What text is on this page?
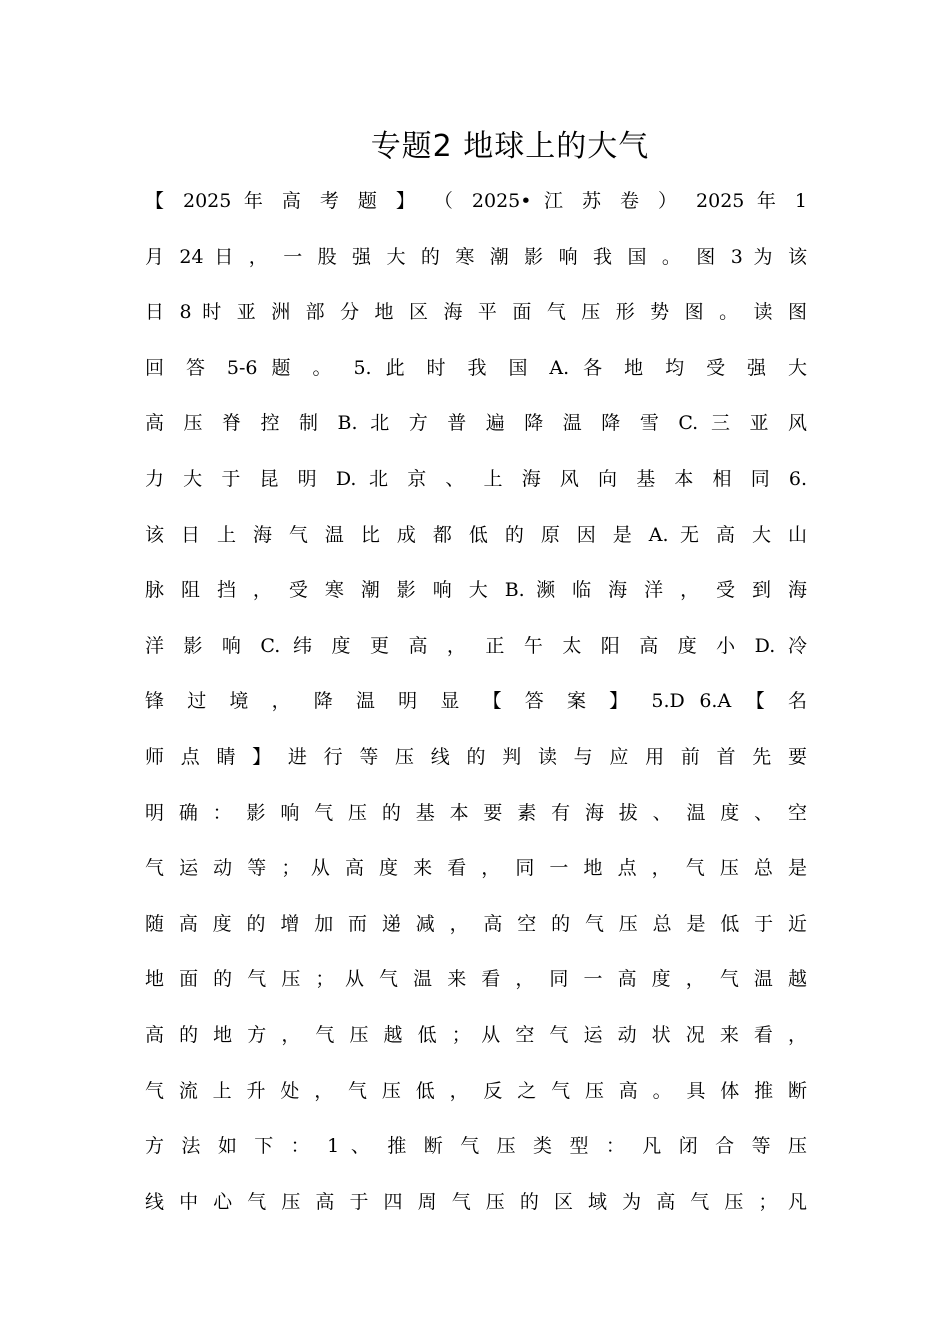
专题2 地球上的大气
【 2025 年 高 考 题 】 （ 2025• 江 苏 卷 ） 2025 年 1
月 24 日 ， 一 股 强 大 的 寒 潮 影 响 我 国 。 图 3 为 该
日 8 时 亚 洲 部 分 地 区 海 平 面 气 压 形 势 图 。 读 图
回 答 5-6 题 。 5. 此 时 我 国 A. 各 地 均 受 强 大
高 压 脊 控 制 B. 北 方 普 遍 降 温 降 雪 C. 三 亚 风
力 大 于 昆 明 D. 北 京 、 上 海 风 向 基 本 相 同 6.
该 日 上 海 气 温 比 成 都 低 的 原 因 是 A. 无 高 大 山
脉 阻 挡 ， 受 寒 潮 影 响 大 B. 濒 临 海 洋 ， 受 到 海
洋 影 响 C. 纬 度 更 高 ， 正 午 太 阳 高 度 小 D. 冷
锋 过 境 ， 降 温 明 显 【 答 案 】 5.D 6.A 【 名
师 点 睛 】 进 行 等 压 线 的 判 读 与 应 用 前 首 先 要
明 确 ： 影 响 气 压 的 基 本 要 素 有 海 拔 、 温 度 、 空
气 运 动 等 ； 从 高 度 来 看 ， 同 一 地 点 ， 气 压 总 是
随 高 度 的 增 加 而 递 减 ， 高 空 的 气 压 总 是 低 于 近
地 面 的 气 压 ； 从 气 温 来 看 ， 同 一 高 度 ， 气 温 越
高 的 地 方 ， 气 压 越 低 ； 从 空 气 运 动 状 况 来 看 ，
气 流 上 升 处 ， 气 压 低 ， 反 之 气 压 高 。 具 体 推 断
方 法 如 下 ： 1 、 推 断 气 压 类 型 ： 凡 闭 合 等 压
线 中 心 气 压 高 于 四 周 气 压 的 区 域 为 高 气 压 ； 凡
